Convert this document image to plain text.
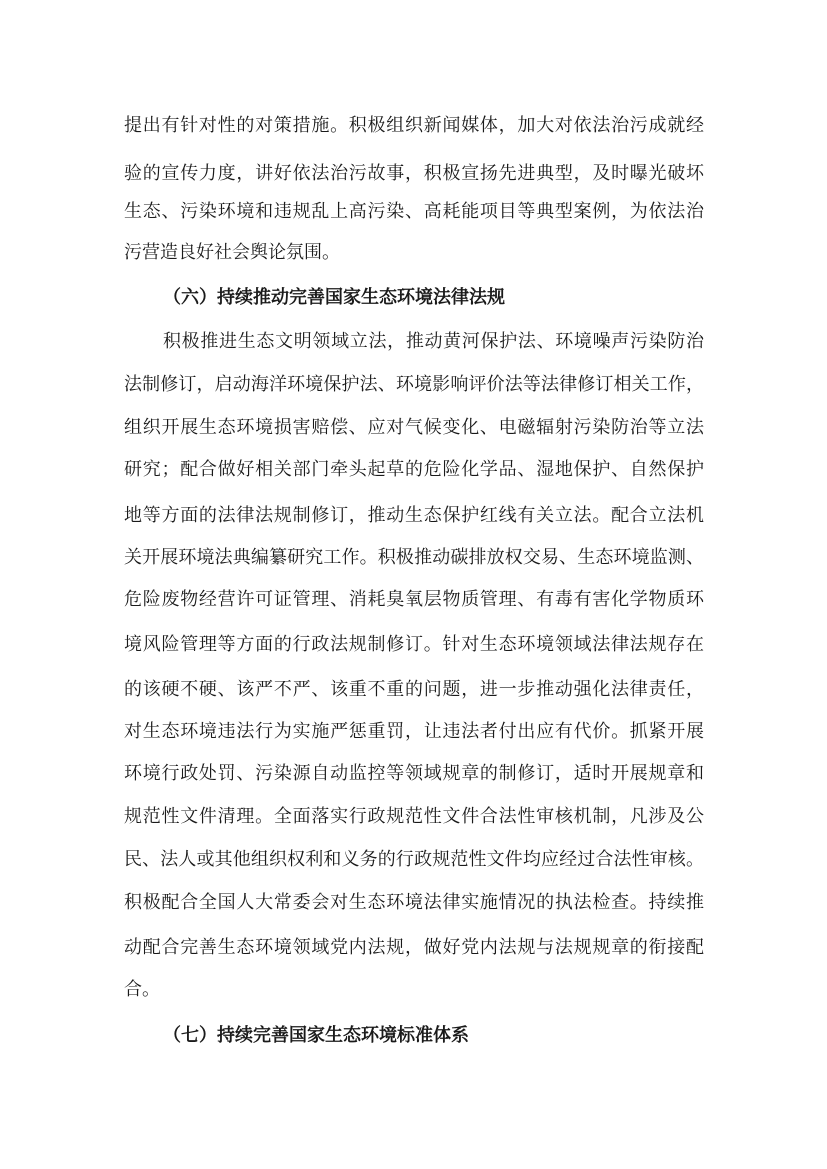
提出有针对性的对策措施。积极组织新闻媒体，加大对依法治污成就经
验的宣传力度，讲好依法治污故事，积极宣扬先进典型，及时曝光破坏
生态、污染环境和违规乱上高污染、高耗能项目等典型案例，为依法治
污营造良好社会舆论氛围。
（六）持续推动完善国家生态环境法律法规
积极推进生态文明领域立法，推动黄河保护法、环境噪声污染防治
法制修订，启动海洋环境保护法、环境影响评价法等法律修订相关工作，
组织开展生态环境损害赔偿、应对气候变化、电磁辐射污染防治等立法
研究；配合做好相关部门牵头起草的危险化学品、湿地保护、自然保护
地等方面的法律法规制修订，推动生态保护红线有关立法。配合立法机
关开展环境法典编纂研究工作。积极推动碳排放权交易、生态环境监测、
危险废物经营许可证管理、消耗臭氧层物质管理、有毒有害化学物质环
境风险管理等方面的行政法规制修订。针对生态环境领域法律法规存在
的该硬不硬、该严不严、该重不重的问题，进一步推动强化法律责任，
对生态环境违法行为实施严惩重罚，让违法者付出应有代价。抓紧开展
环境行政处罚、污染源自动监控等领域规章的制修订，适时开展规章和
规范性文件清理。全面落实行政规范性文件合法性审核机制，凡涉及公
民、法人或其他组织权利和义务的行政规范性文件均应经过合法性审核。
积极配合全国人大常委会对生态环境法律实施情况的执法检查。持续推
动配合完善生态环境领域党内法规，做好党内法规与法规规章的衔接配
合。
（七）持续完善国家生态环境标准体系
